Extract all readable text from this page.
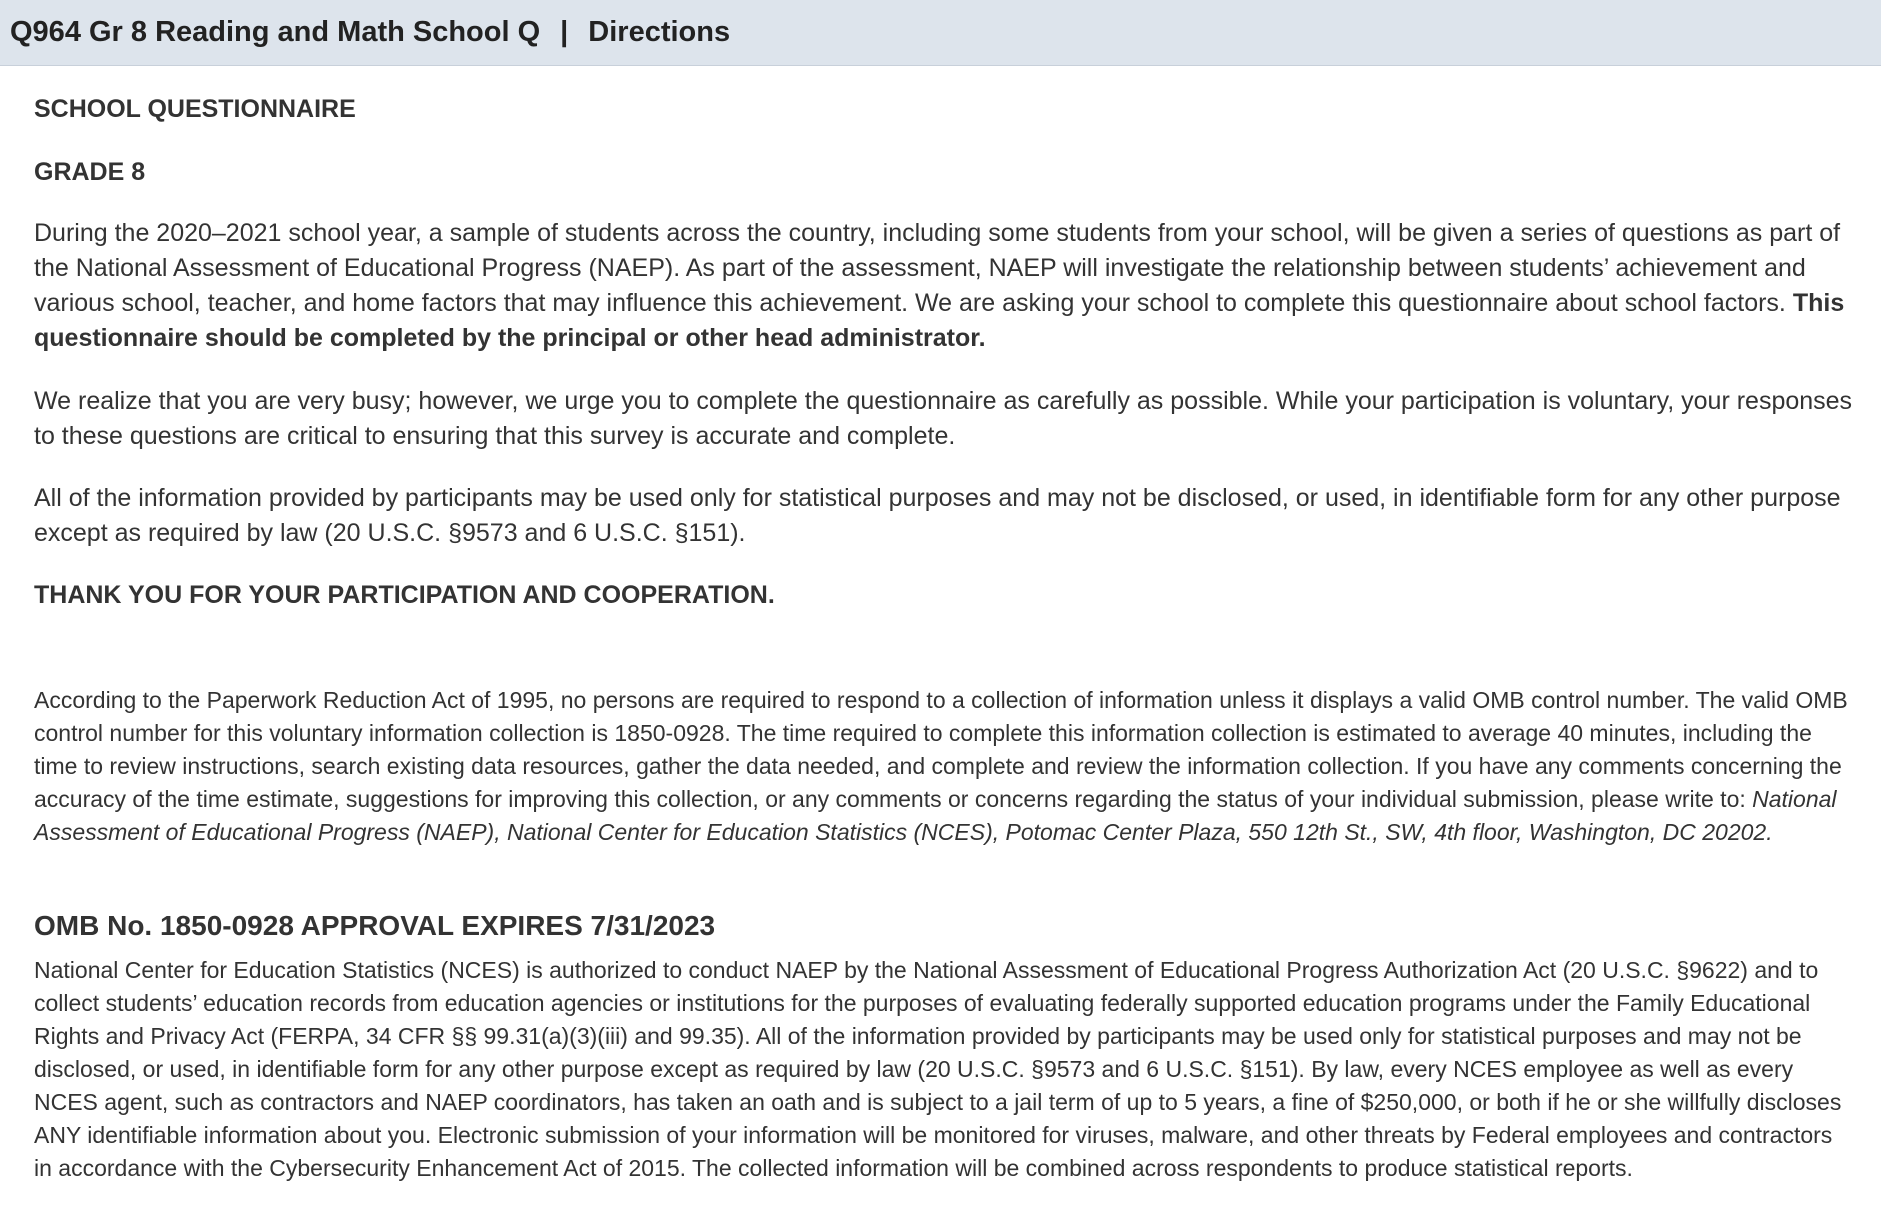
Q964 Gr 8 Reading and Math School Q | Directions

SCHOOL QUESTIONNAIRE

GRADE 8

During the 2020–2021 school year, a sample of students across the country, including some students from your school, will be given a series of questions as part of the National Assessment of Educational Progress (NAEP). As part of the assessment, NAEP will investigate the relationship between students’ achievement and various school, teacher, and home factors that may influence this achievement. We are asking your school to complete this questionnaire about school factors. This questionnaire should be completed by the principal or other head administrator.

We realize that you are very busy; however, we urge you to complete the questionnaire as carefully as possible. While your participation is voluntary, your responses to these questions are critical to ensuring that this survey is accurate and complete.

All of the information provided by participants may be used only for statistical purposes and may not be disclosed, or used, in identifiable form for any other purpose except as required by law (20 U.S.C. §9573 and 6 U.S.C. §151).

THANK YOU FOR YOUR PARTICIPATION AND COOPERATION.

According to the Paperwork Reduction Act of 1995, no persons are required to respond to a collection of information unless it displays a valid OMB control number. The valid OMB control number for this voluntary information collection is 1850-0928. The time required to complete this information collection is estimated to average 40 minutes, including the time to review instructions, search existing data resources, gather the data needed, and complete and review the information collection. If you have any comments concerning the accuracy of the time estimate, suggestions for improving this collection, or any comments or concerns regarding the status of your individual submission, please write to: National Assessment of Educational Progress (NAEP), National Center for Education Statistics (NCES), Potomac Center Plaza, 550 12th St., SW, 4th floor, Washington, DC 20202.

OMB No. 1850-0928 APPROVAL EXPIRES 7/31/2023

National Center for Education Statistics (NCES) is authorized to conduct NAEP by the National Assessment of Educational Progress Authorization Act (20 U.S.C. §9622) and to collect students’ education records from education agencies or institutions for the purposes of evaluating federally supported education programs under the Family Educational Rights and Privacy Act (FERPA, 34 CFR §§ 99.31(a)(3)(iii) and 99.35). All of the information provided by participants may be used only for statistical purposes and may not be disclosed, or used, in identifiable form for any other purpose except as required by law (20 U.S.C. §9573 and 6 U.S.C. §151). By law, every NCES employee as well as every NCES agent, such as contractors and NAEP coordinators, has taken an oath and is subject to a jail term of up to 5 years, a fine of $250,000, or both if he or she willfully discloses ANY identifiable information about you. Electronic submission of your information will be monitored for viruses, malware, and other threats by Federal employees and contractors in accordance with the Cybersecurity Enhancement Act of 2015. The collected information will be combined across respondents to produce statistical reports.
